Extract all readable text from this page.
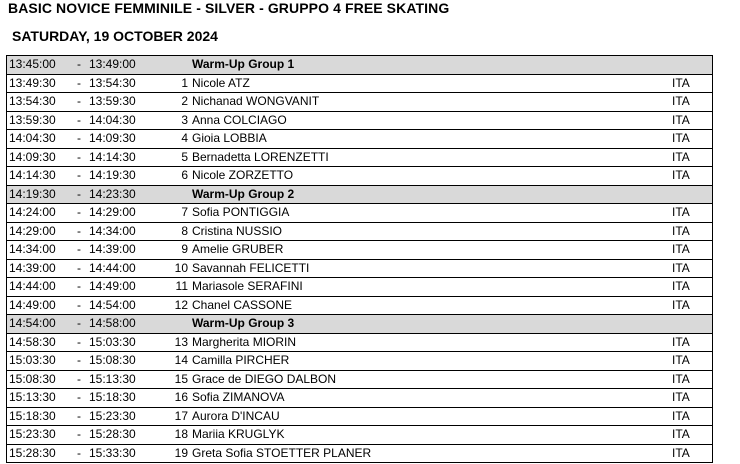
BASIC NOVICE FEMMINILE - SILVER - GRUPPO 4 FREE SKATING
SATURDAY, 19 OCTOBER 2024
13:45:00	-	13:49:00		Warm-Up Group 1	
13:49:30	-	13:54:30	1	Nicole ATZ	ITA
13:54:30	-	13:59:30	2	Nichanad WONGVANIT	ITA
13:59:30	-	14:04:30	3	Anna COLCIAGO	ITA
14:04:30	-	14:09:30	4	Gioia LOBBIA	ITA
14:09:30	-	14:14:30	5	Bernadetta LORENZETTI	ITA
14:14:30	-	14:19:30	6	Nicole ZORZETTO	ITA
14:19:30	-	14:23:30		Warm-Up Group 2	
14:24:00	-	14:29:00	7	Sofia PONTIGGIA	ITA
14:29:00	-	14:34:00	8	Cristina NUSSIO	ITA
14:34:00	-	14:39:00	9	Amelie GRUBER	ITA
14:39:00	-	14:44:00	10	Savannah FELICETTI	ITA
14:44:00	-	14:49:00	11	Mariasole SERAFINI	ITA
14:49:00	-	14:54:00	12	Chanel CASSONE	ITA
14:54:00	-	14:58:00		Warm-Up Group 3	
14:58:30	-	15:03:30	13	Margherita MIORIN	ITA
15:03:30	-	15:08:30	14	Camilla PIRCHER	ITA
15:08:30	-	15:13:30	15	Grace de DIEGO DALBON	ITA
15:13:30	-	15:18:30	16	Sofia ZIMANOVA	ITA
15:18:30	-	15:23:30	17	Aurora D'INCAU	ITA
15:23:30	-	15:28:30	18	Mariia KRUGLYK	ITA
15:28:30	-	15:33:30	19	Greta Sofia STOETTER PLANER	ITA
